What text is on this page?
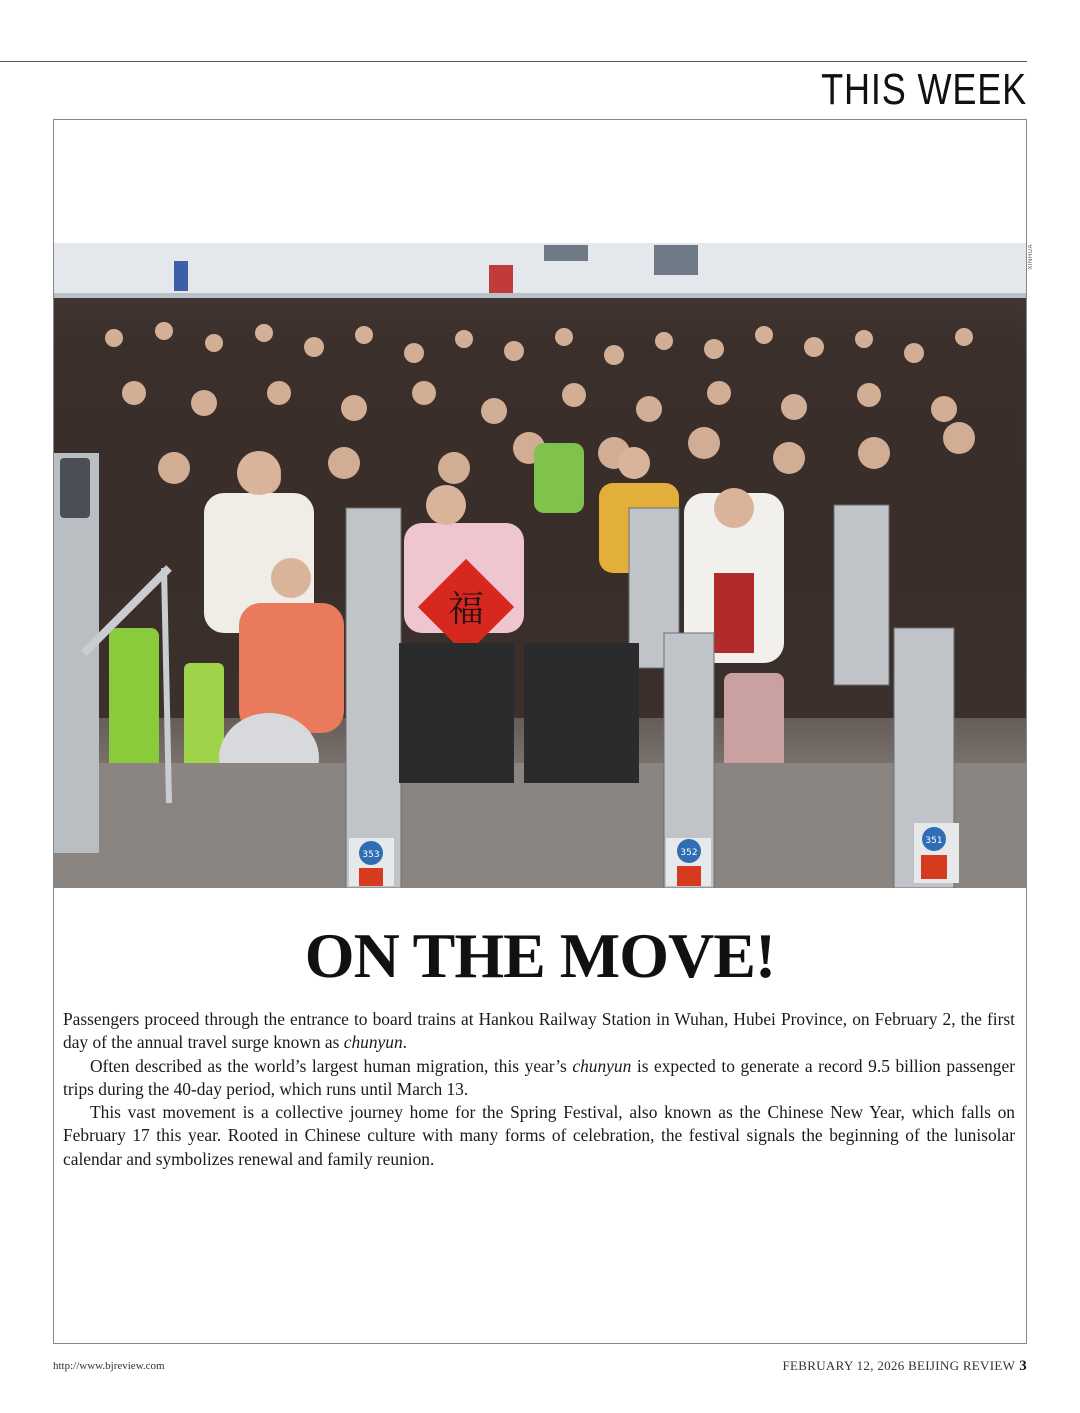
THIS WEEK
福
353	352
351
XINHUA
ON THE MOVE!

Passengers proceed through the entrance to board trains at Hankou Railway Station in Wuhan, Hubei Province, on February 2, the first day of the annual travel surge known as chunyun.

Often described as the world’s largest human migration, this year’s chunyun is expected to generate a record 9.5 billion passenger trips during the 40-day period, which runs until March 13.

This vast movement is a collective journey home for the Spring Festival, also known as the Chinese New Year, which falls on February 17 this year. Rooted in Chinese culture with many forms of celebration, the festival signals the beginning of the lunisolar calendar and symbolizes renewal and family reunion.

http://www.bjreview.com	FEBRUARY 12, 2026 BEIJING REVIEW 3
